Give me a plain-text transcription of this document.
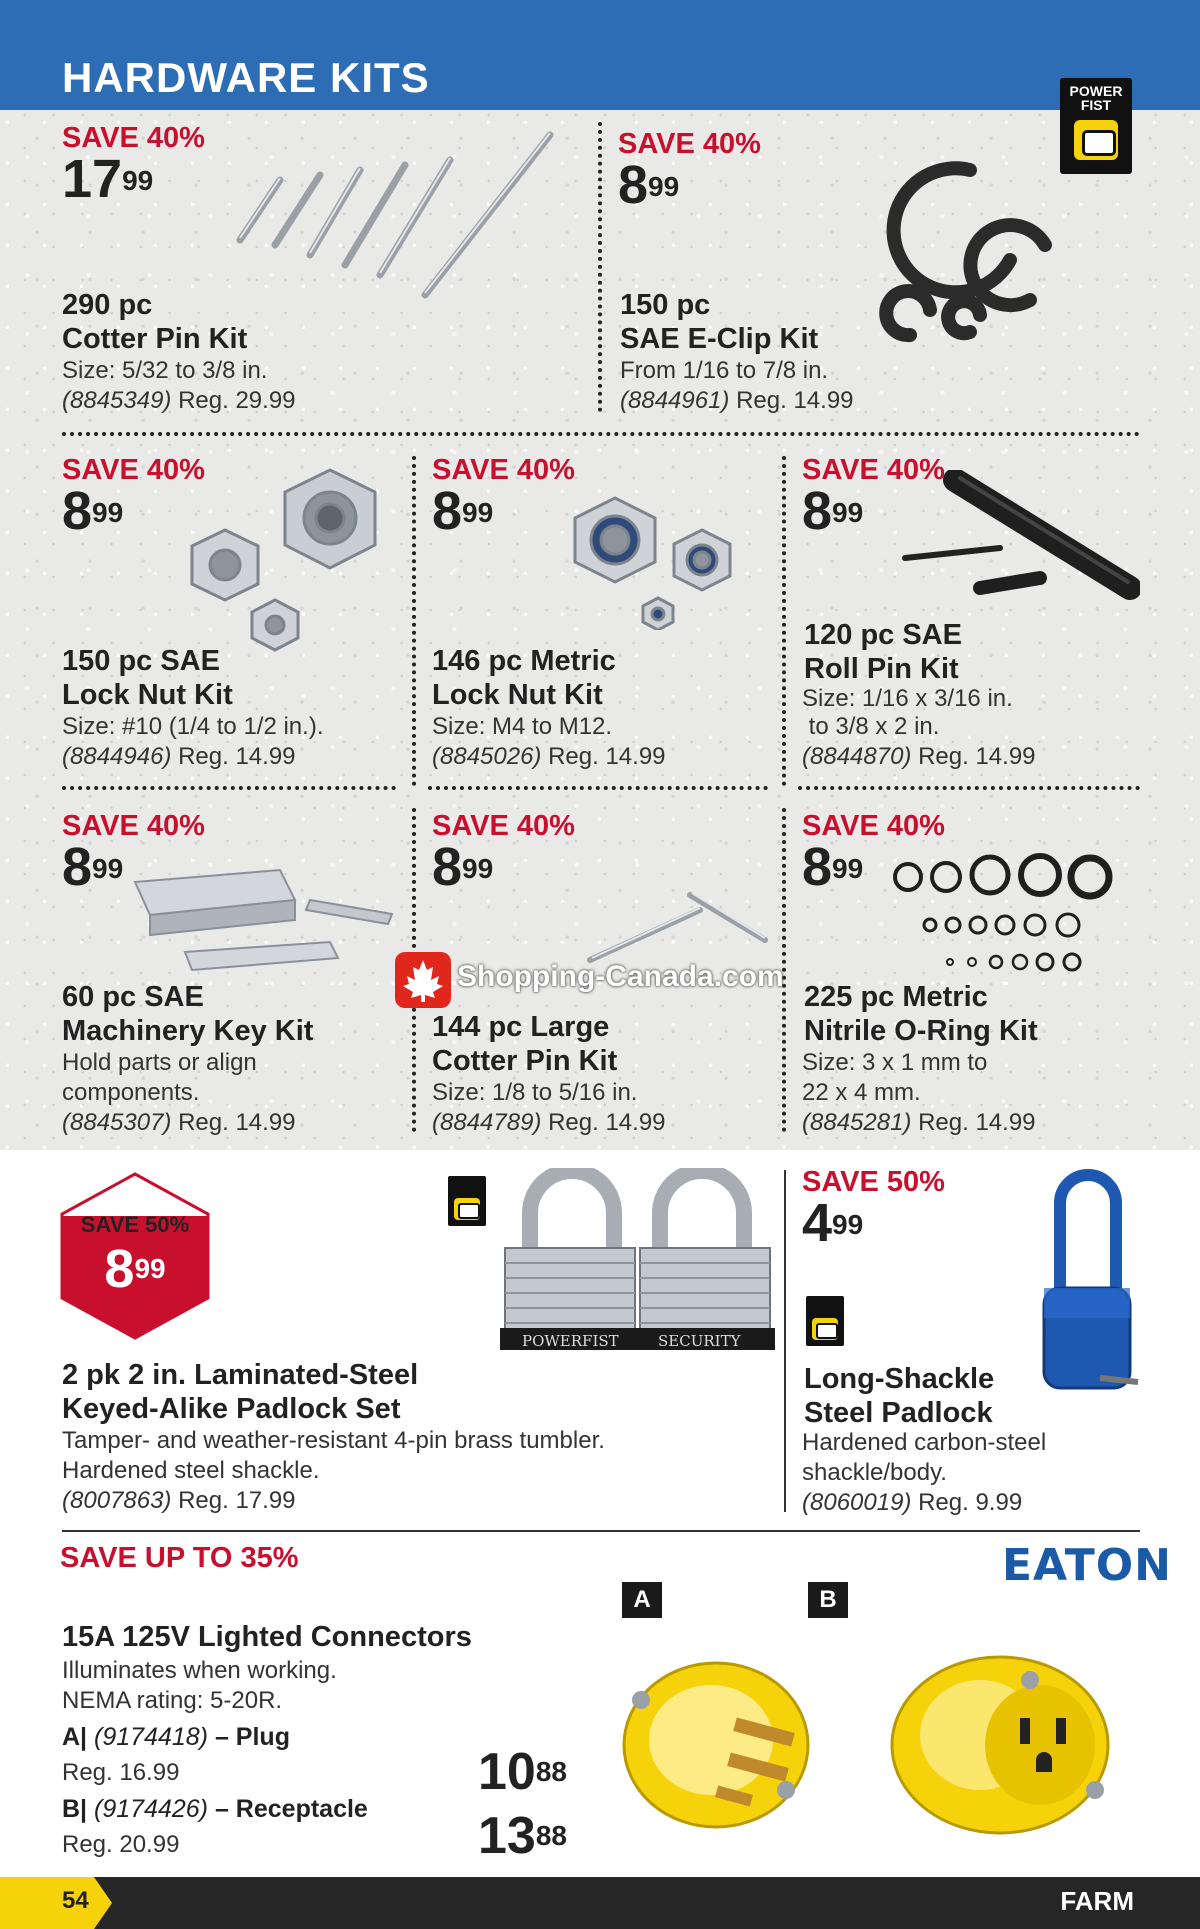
HARDWARE KITS	POWER FIST
SAVE 40%
$17^{99}$
290 pc
Cotter Pin Kit
Size: 5/32 to 3/8 in.
(8845349) Reg. 29.99
SAVE 40%
$8^{99}$
150 pc
SAE E-Clip Kit
From 1/16 to 7/8 in.
(8844961) Reg. 14.99
SAVE 40%
$8^{99}$
150 pc SAE
Lock Nut Kit
Size: #10 (1/4 to 1/2 in.).
(8844946) Reg. 14.99
SAVE 40%
$8^{99}$
146 pc Metric
Lock Nut Kit
Size: M4 to M12.
(8845026) Reg. 14.99
SAVE 40%
$8^{99}$
120 pc SAE
Roll Pin Kit
Size: 1/16 x 3/16 in.
to 3/8 x 2 in.
(8844870) Reg. 14.99
SAVE 40%
$8^{99}$
60 pc SAE
Machinery Key Kit
Hold parts or align
components.
(8845307) Reg. 14.99
SAVE 40%
$8^{99}$
144 pc Large
Cotter Pin Kit
Size: 1/8 to 5/16 in.
(8844789) Reg. 14.99
SAVE 40%
$8^{99}$
225 pc Metric
Nitrile O-Ring Kit
Size: 3 x 1 mm to
22 x 4 mm.
(8845281) Reg. 14.99
Shopping-Canada.com
SAVE 50%
$8^{99}$
POWERFIST	SECURITY
2 pk 2 in. Laminated-Steel
Keyed-Alike Padlock Set
Tamper- and weather-resistant 4-pin brass tumbler.
Hardened steel shackle.
(8007863) Reg. 17.99
SAVE 50%
$4^{99}$
Long-Shackle
Steel Padlock
Hardened carbon-steel
shackle/body.
(8060019) Reg. 9.99
SAVE UP TO 35%	EATON
15A 125V Lighted Connectors
Illuminates when working.
NEMA rating: 5-20R.
A| (9174418) – Plug
Reg. 16.99
B| (9174426) – Receptacle
Reg. 20.99
$10^{88}$
$13^{88}$
A	B
54	FARM
